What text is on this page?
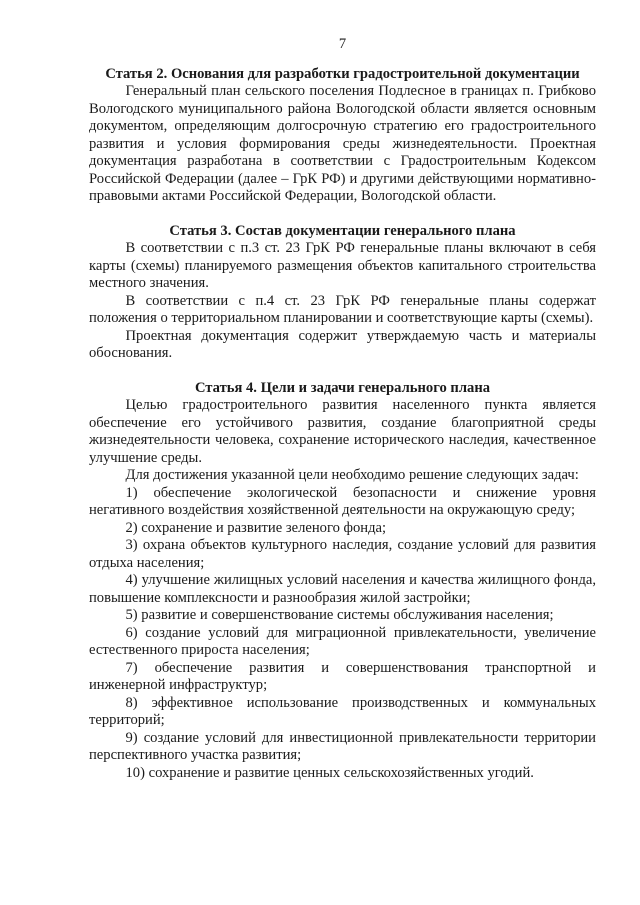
7
Статья 2. Основания для разработки градостроительной документации

Генеральный план сельского поселения Подлесное в границах п. Грибково Вологодского муниципального района Вологодской области является основным документом, определяющим долгосрочную стратегию его градостроительного развития и условия формирования среды жизнедеятельности. Проектная документация разработана в соответствии с Градостроительным Кодексом Российской Федерации (далее – ГрК РФ) и другими действующими нормативно-правовыми актами Российской Федерации, Вологодской области.

Статья 3. Состав документации генерального плана

В соответствии с п.3 ст. 23 ГрК РФ генеральные планы включают в себя карты (схемы) планируемого размещения объектов капитального строительства местного значения.

В соответствии с п.4 ст. 23 ГрК РФ генеральные планы содержат положения о территориальном планировании и соответствующие карты (схемы).

Проектная документация содержит утверждаемую часть и материалы обоснования.

Статья 4. Цели и задачи генерального плана

Целью градостроительного развития населенного пункта является обеспечение его устойчивого развития, создание благоприятной среды жизнедеятельности человека, сохранение исторического наследия, качественное улучшение среды.

Для достижения указанной цели необходимо решение следующих задач:

1) обеспечение экологической безопасности и снижение уровня негативного воздействия хозяйственной деятельности на окружающую среду;

2) сохранение и развитие зеленого фонда;

3) охрана объектов культурного наследия, создание условий для развития отдыха населения;

4) улучшение жилищных условий населения и качества жилищного фонда, повышение комплексности и разнообразия жилой застройки;

5) развитие и совершенствование системы обслуживания населения;

6) создание условий для миграционной привлекательности, увеличение естественного прироста населения;

7) обеспечение развития и совершенствования транспортной и инженерной инфраструктур;

8) эффективное использование производственных и коммунальных территорий;

9) создание условий для инвестиционной привлекательности территории перспективного участка развития;

10) сохранение и развитие ценных сельскохозяйственных угодий.
